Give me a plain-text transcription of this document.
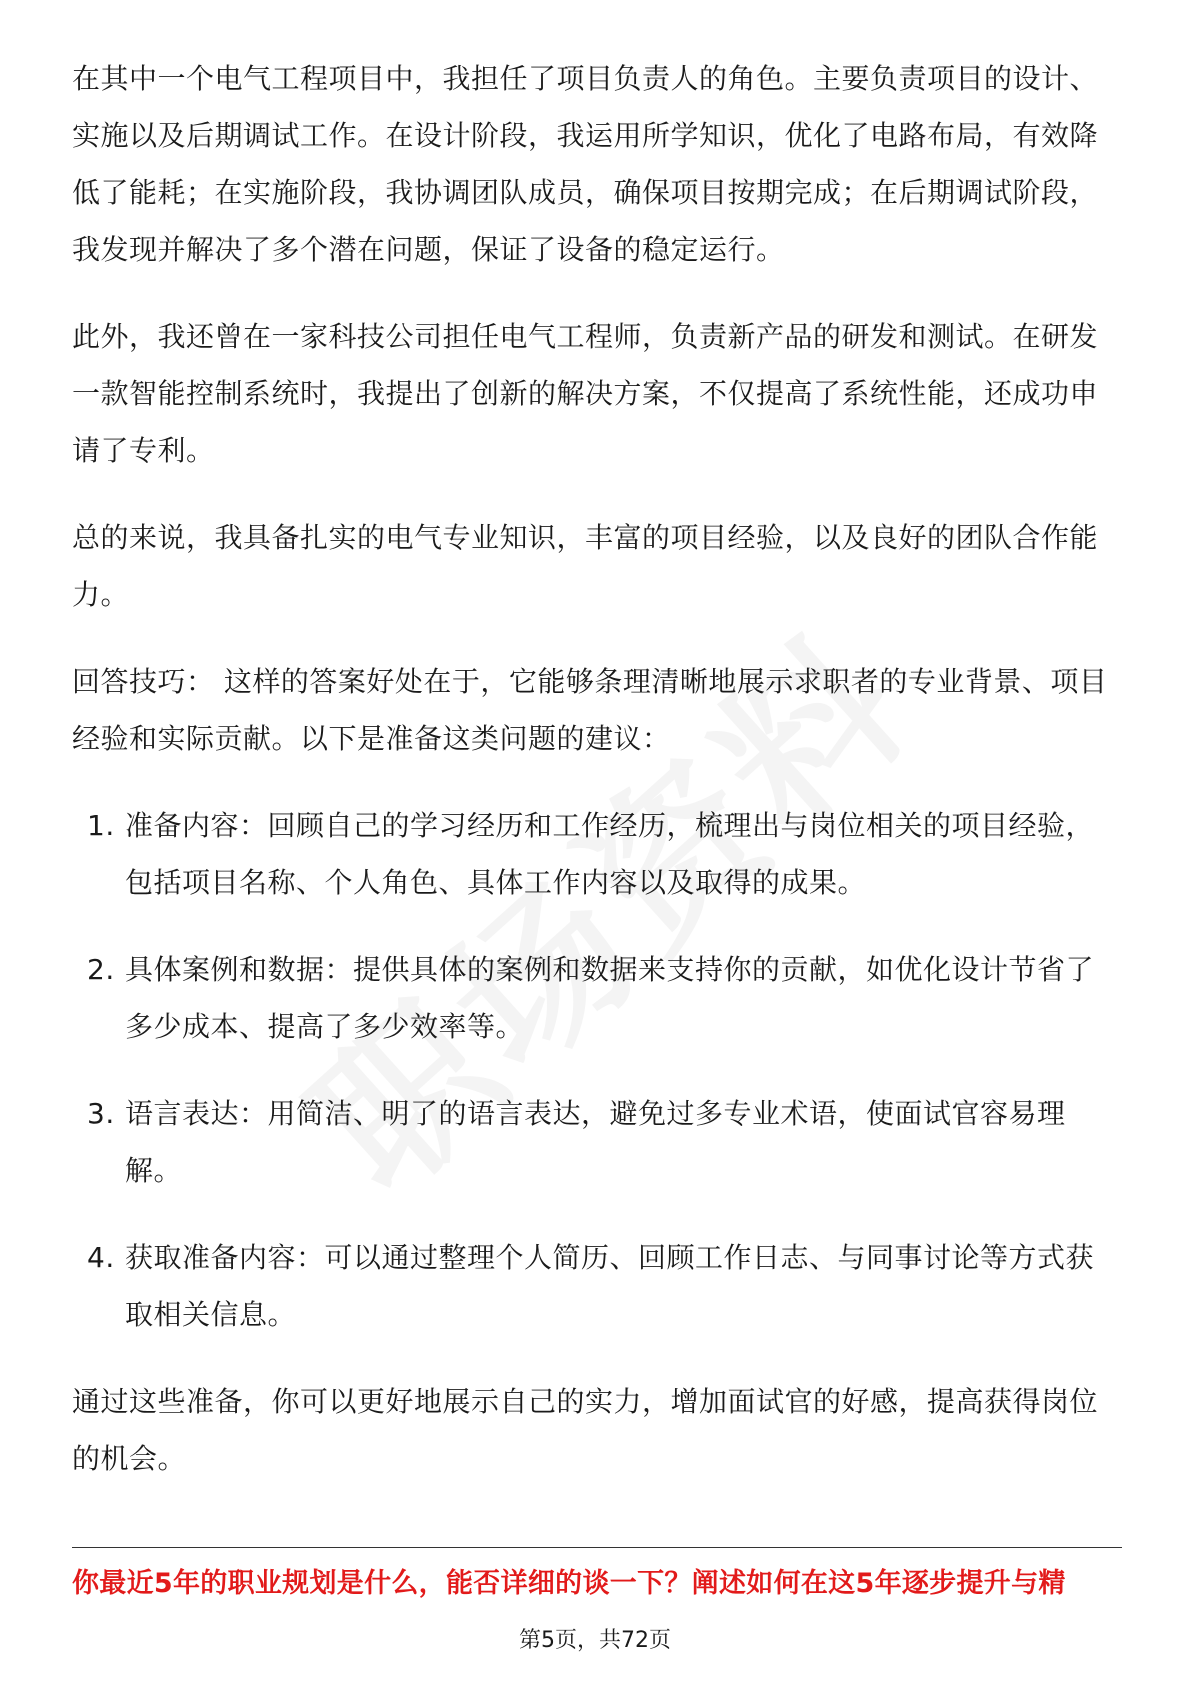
在其中一个电气工程项目中，我担任了项目负责人的角色。主要负责项目的设计、实施以及后期调试工作。在设计阶段，我运用所学知识，优化了电路布局，有效降低了能耗；在实施阶段，我协调团队成员，确保项目按期完成；在后期调试阶段，我发现并解决了多个潜在问题，保证了设备的稳定运行。

此外，我还曾在一家科技公司担任电气工程师，负责新产品的研发和测试。在研发一款智能控制系统时，我提出了创新的解决方案，不仅提高了系统性能，还成功申请了专利。

总的来说，我具备扎实的电气专业知识，丰富的项目经验，以及良好的团队合作能力。

回答技巧： 这样的答案好处在于，它能够条理清晰地展示求职者的专业背景、项目经验和实际贡献。以下是准备这类问题的建议：

1. 准备内容：回顾自己的学习经历和工作经历，梳理出与岗位相关的项目经验，包括项目名称、个人角色、具体工作内容以及取得的成果。
2. 具体案例和数据：提供具体的案例和数据来支持你的贡献，如优化设计节省了多少成本、提高了多少效率等。
3. 语言表达：用简洁、明了的语言表达，避免过多专业术语，使面试官容易理解。
4. 获取准备内容：可以通过整理个人简历、回顾工作日志、与同事讨论等方式获取相关信息。

通过这些准备，你可以更好地展示自己的实力，增加面试官的好感，提高获得岗位的机会。

你最近5年的职业规划是什么，能否详细的谈一下？阐述如何在这5年逐步提升与精
第5页，共72页
